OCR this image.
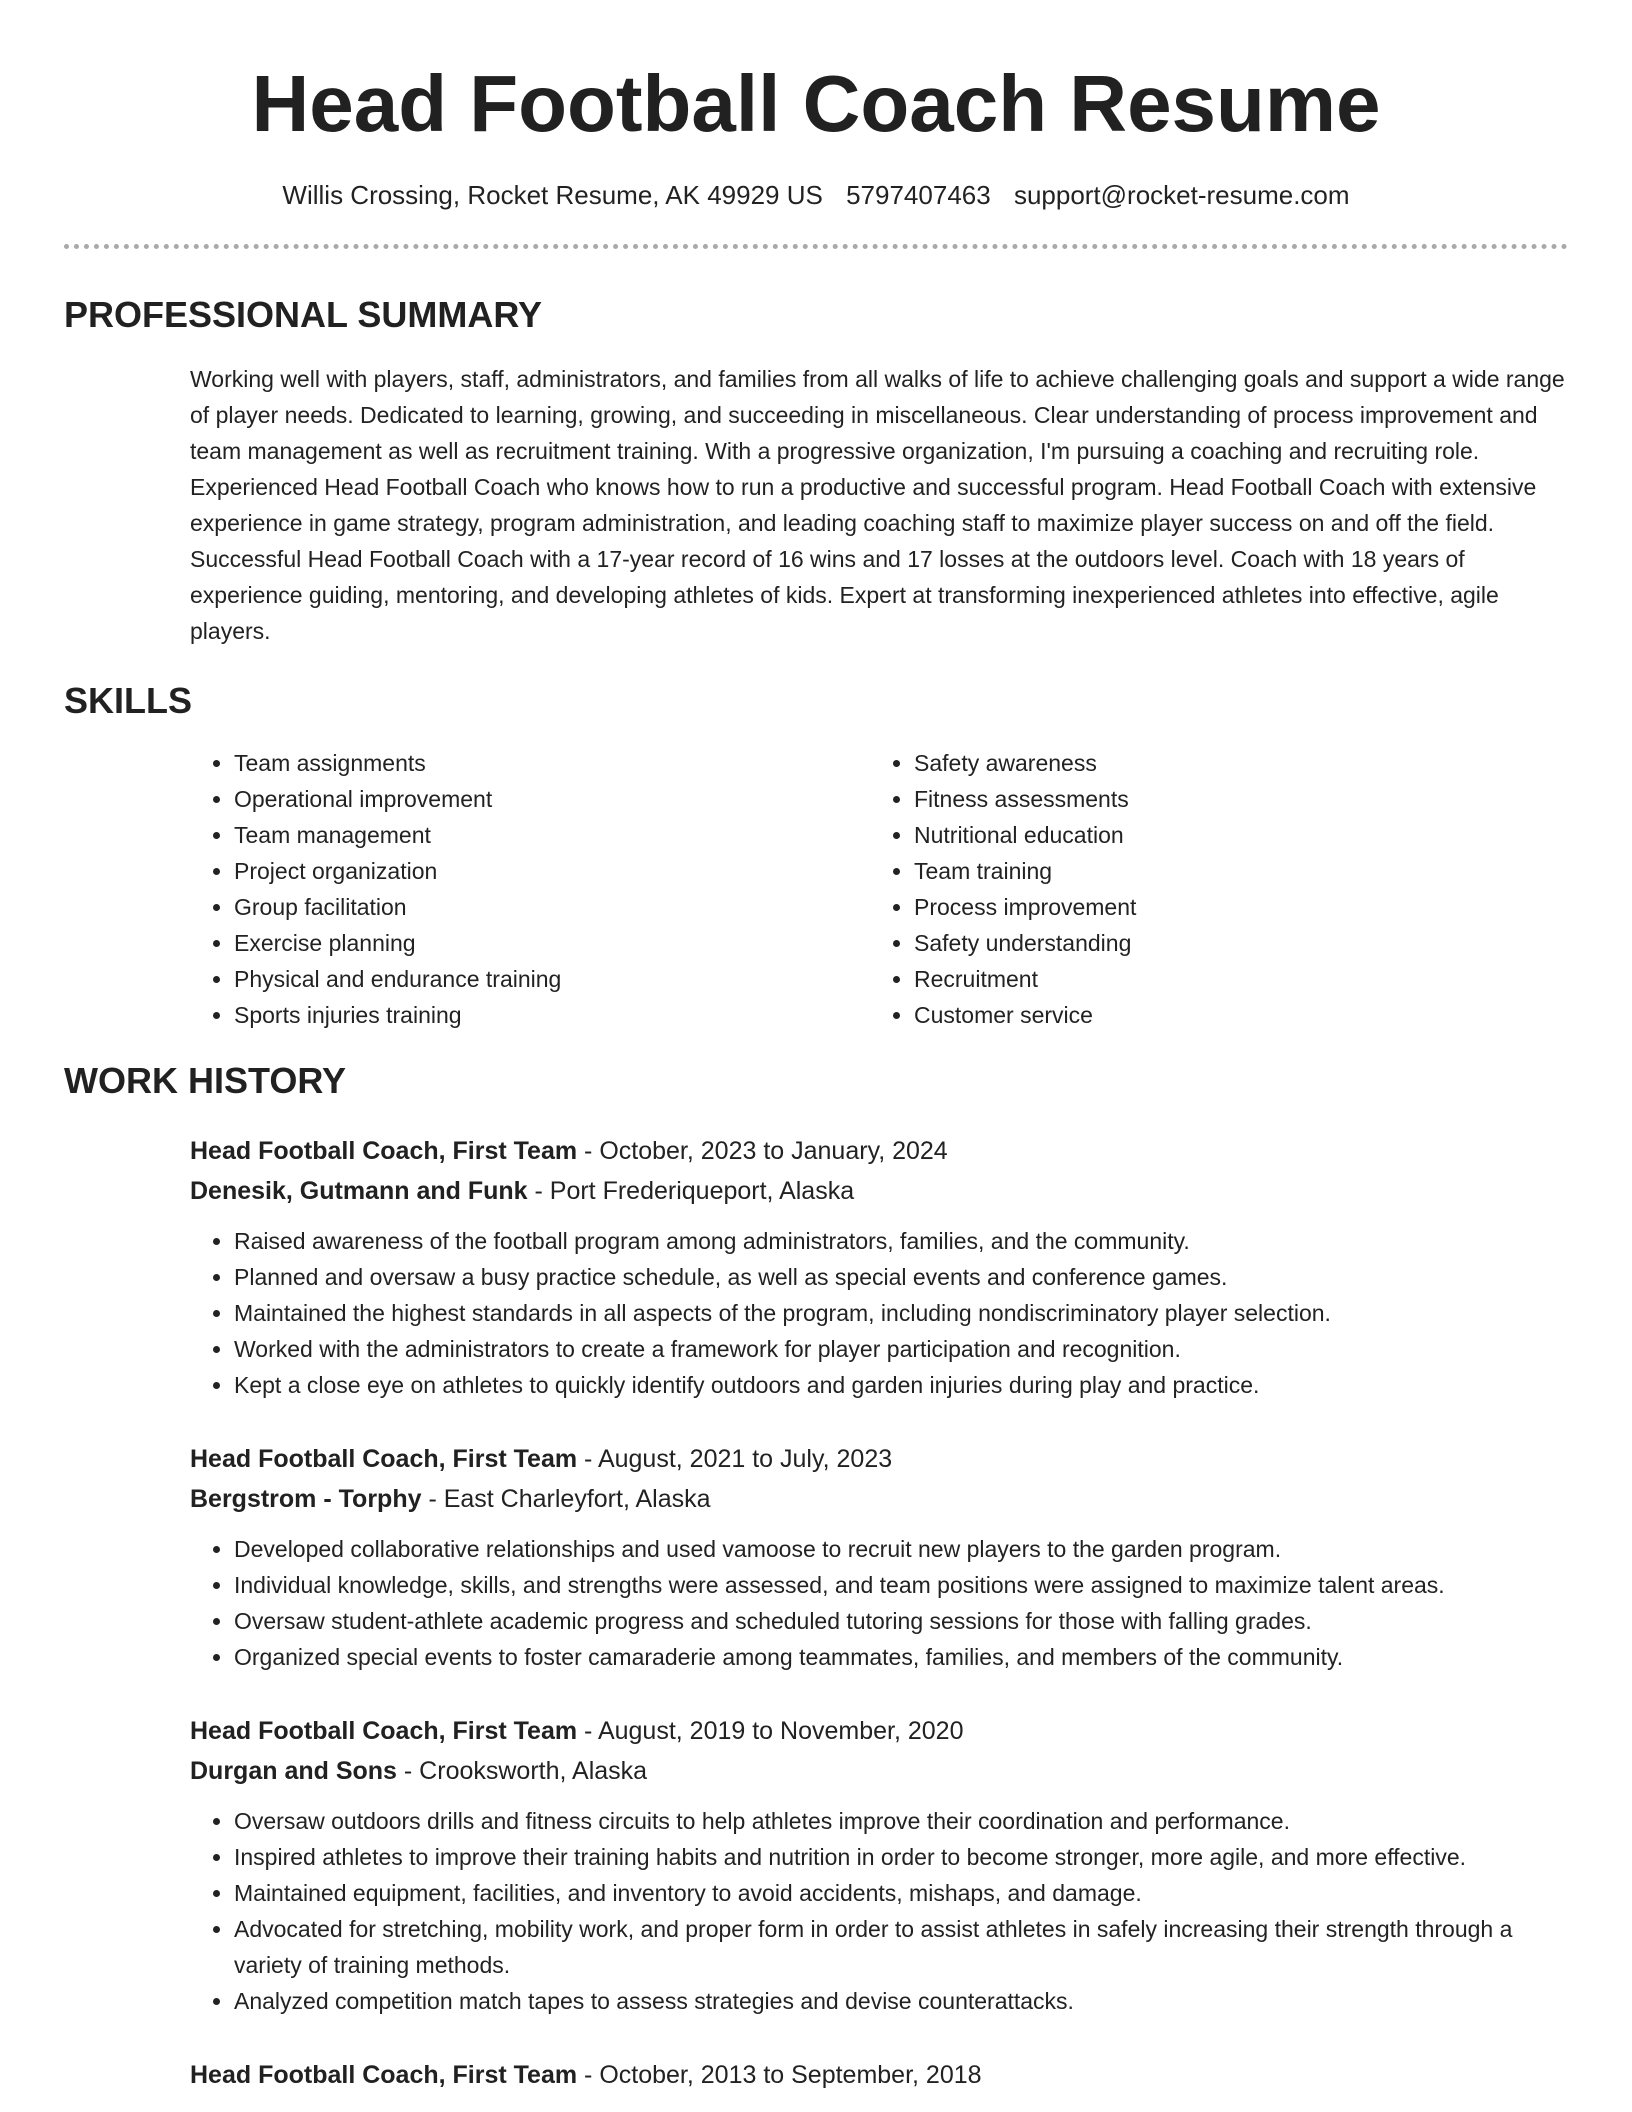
Head Football Coach Resume
Willis Crossing, Rocket Resume, AK 49929 US 5797407463 support@rocket-resume.com
PROFESSIONAL SUMMARY

Working well with players, staff, administrators, and families from all walks of life to achieve challenging goals and support a wide range of player needs. Dedicated to learning, growing, and succeeding in miscellaneous. Clear understanding of process improvement and team management as well as recruitment training. With a progressive organization, I'm pursuing a coaching and recruiting role. Experienced Head Football Coach who knows how to run a productive and successful program. Head Football Coach with extensive experience in game strategy, program administration, and leading coaching staff to maximize player success on and off the field. Successful Head Football Coach with a 17-year record of 16 wins and 17 losses at the outdoors level. Coach with 18 years of experience guiding, mentoring, and developing athletes of kids. Expert at transforming inexperienced athletes into effective, agile players.

SKILLS
• Team assignments
• Operational improvement
• Team management
• Project organization
• Group facilitation
• Exercise planning
• Physical and endurance training
• Sports injuries training
• Safety awareness
• Fitness assessments
• Nutritional education
• Team training
• Process improvement
• Safety understanding
• Recruitment
• Customer service
WORK HISTORY
Head Football Coach, First Team - October, 2023 to January, 2024
Denesik, Gutmann and Funk - Port Frederiqueport, Alaska
• Raised awareness of the football program among administrators, families, and the community.
• Planned and oversaw a busy practice schedule, as well as special events and conference games.
• Maintained the highest standards in all aspects of the program, including nondiscriminatory player selection.
• Worked with the administrators to create a framework for player participation and recognition.
• Kept a close eye on athletes to quickly identify outdoors and garden injuries during play and practice.
Head Football Coach, First Team - August, 2021 to July, 2023
Bergstrom - Torphy - East Charleyfort, Alaska
• Developed collaborative relationships and used vamoose to recruit new players to the garden program.
• Individual knowledge, skills, and strengths were assessed, and team positions were assigned to maximize talent areas.
• Oversaw student-athlete academic progress and scheduled tutoring sessions for those with falling grades.
• Organized special events to foster camaraderie among teammates, families, and members of the community.
Head Football Coach, First Team - August, 2019 to November, 2020
Durgan and Sons - Crooksworth, Alaska
• Oversaw outdoors drills and fitness circuits to help athletes improve their coordination and performance.
• Inspired athletes to improve their training habits and nutrition in order to become stronger, more agile, and more effective.
• Maintained equipment, facilities, and inventory to avoid accidents, mishaps, and damage.
• Advocated for stretching, mobility work, and proper form in order to assist athletes in safely increasing their strength through a variety of training methods.
• Analyzed competition match tapes to assess strategies and devise counterattacks.
Head Football Coach, First Team - October, 2013 to September, 2018
